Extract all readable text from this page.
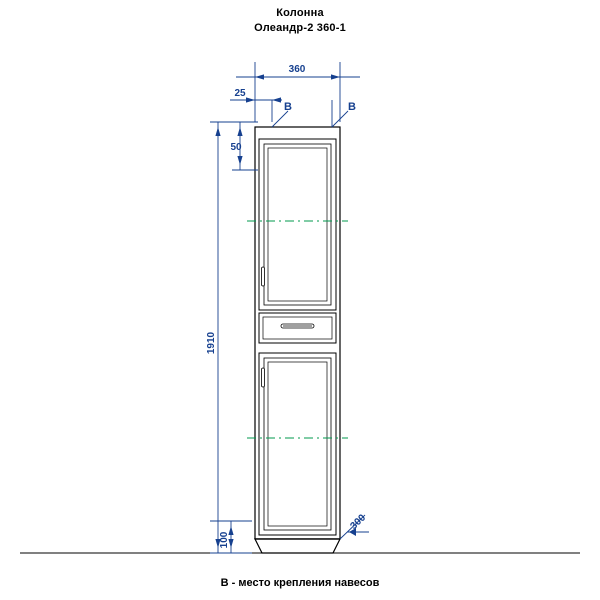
Колонна
Олеандр-2 360-1
360
25
50
1910
100
300
В	В
В - место крепления навесов
